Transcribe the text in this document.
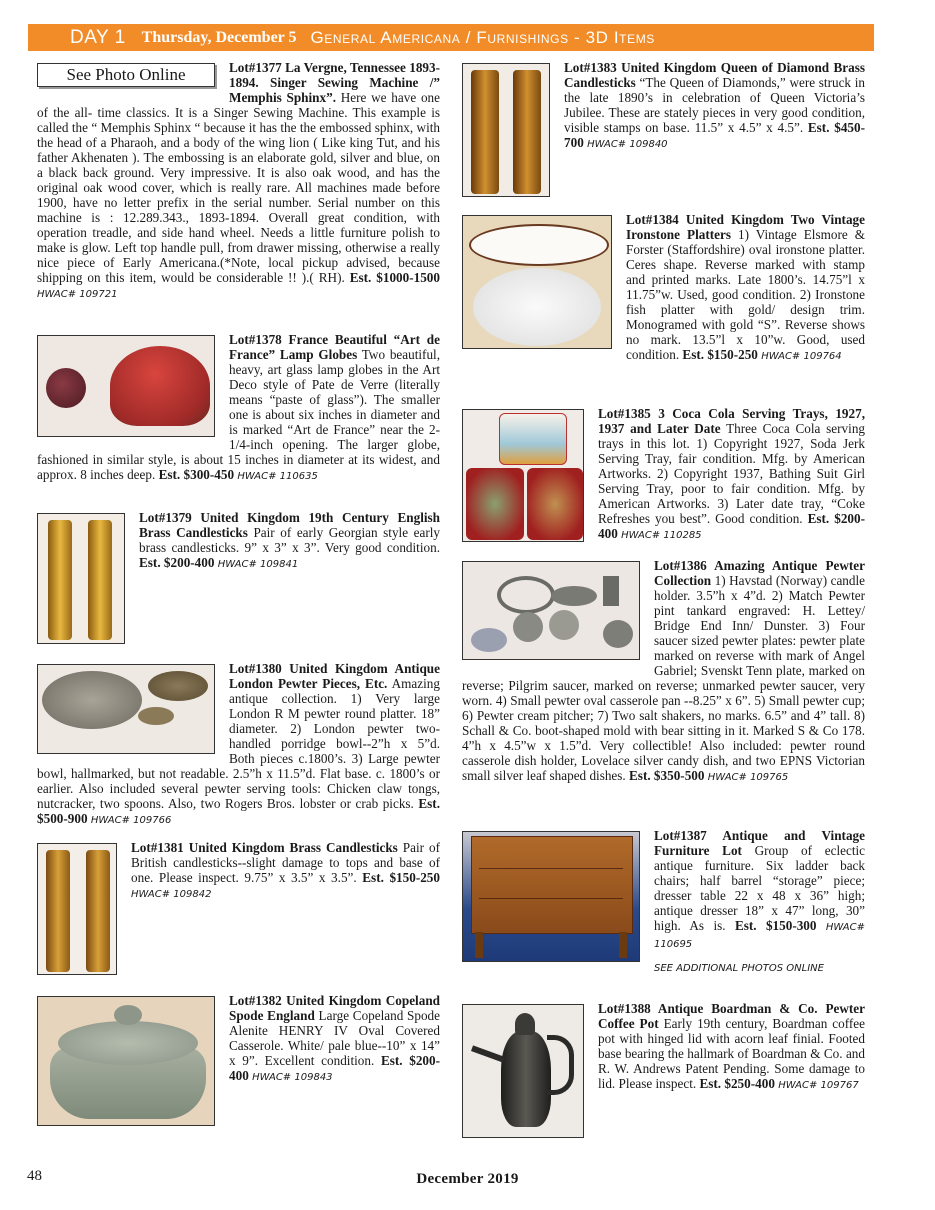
DAY 1 Thursday, December 5 General Americana / Furnishings - 3D Items
See Photo Online	Lot#1377 La Vergne, Tennessee 1893-1894. Singer Sewing Machine /” Memphis Sphinx”. Here we have one of the all- time classics. It is a Singer Sewing Machine. This example is called the “ Memphis Sphinx “ because it has the the embossed sphinx, with the head of a Pharaoh, and a body of the wing lion ( Like king Tut, and his father Akhenaten ). The embossing is an elaborate gold, silver and blue, on a black back ground. Very impressive. It is also oak wood, and has the original oak wood cover, which is really rare. All machines made before 1900, have no letter prefix in the serial number. Serial number on this machine is : 12.289.343., 1893-1894. Overall great condition, with operation treadle, and side hand wheel. Needs a little furniture polish to make is glow. Left top handle pull, from drawer missing, otherwise a really nice piece of Early Americana.(*Note, local pickup advised, because shipping on this item, would be considerable !! ).( RH). Est. $1000-1500 HWAC# 109721

Lot#1378 France Beautiful “Art de France” Lamp Globes Two beautiful, heavy, art glass lamp globes in the Art Deco style of Pate de Verre (literally means “paste of glass”). The smaller one is about six inches in diameter and is marked “Art de France” near the 2-1/4-inch opening. The larger globe, fashioned in similar style, is about 15 inches in diameter at its widest, and approx. 8 inches deep. Est. $300-450 HWAC# 110635

Lot#1379 United Kingdom 19th Century English Brass Candlesticks Pair of early Georgian style early brass candlesticks. 9” x 3” x 3”. Very good condition. Est. $200-400 HWAC# 109841

Lot#1380 United Kingdom Antique London Pewter Pieces, Etc. Amazing antique collection. 1) Very large London R M pewter round platter. 18” diameter. 2) London pewter two-handled porridge bowl--2”h x 5”d. Both pieces c.1800’s. 3) Large pewter bowl, hallmarked, but not readable. 2.5”h x 11.5”d. Flat base. c. 1800’s or earlier. Also included several pewter serving tools: Chicken claw tongs, nutcracker, two spoons. Also, two Rogers Bros. lobster or crab picks. Est. $500-900 HWAC# 109766

Lot#1381 United Kingdom Brass Candlesticks Pair of British candlesticks--slight damage to tops and base of one. Please inspect. 9.75” x 3.5” x 3.5”. Est. $150-250 HWAC# 109842

Lot#1382 United Kingdom Copeland Spode England Large Copeland Spode Alenite HENRY IV Oval Covered Casserole. White/ pale blue--10” x 14” x 9”. Excellent condition. Est. $200-400 HWAC# 109843

Lot#1383 United Kingdom Queen of Diamond Brass Candlesticks “The Queen of Diamonds,” were struck in the late 1890’s in celebration of Queen Victoria’s Jubilee. These are stately pieces in very good condition, visible stamps on base. 11.5” x 4.5” x 4.5”. Est. $450-700 HWAC# 109840

Lot#1384 United Kingdom Two Vintage Ironstone Platters 1) Vintage Elsmore & Forster (Staffordshire) oval ironstone platter. Ceres shape. Reverse marked with stamp and printed marks. Late 1800’s. 14.75”l x 11.75”w. Used, good condition. 2) Ironstone fish platter with gold/ design trim. Monogramed with gold “S”. Reverse shows no mark. 13.5”l x 10”w. Good, used condition. Est. $150-250 HWAC# 109764

Lot#1385 3 Coca Cola Serving Trays, 1927, 1937 and Later Date Three Coca Cola serving trays in this lot. 1) Copyright 1927, Soda Jerk Serving Tray, fair condition. Mfg. by American Artworks. 2) Copyright 1937, Bathing Suit Girl Serving Tray, poor to fair condition. Mfg. by American Artworks. 3) Later date tray, “Coke Refreshes you best”. Good condition. Est. $200-400 HWAC# 110285

Lot#1386 Amazing Antique Pewter Collection 1) Havstad (Norway) candle holder. 3.5”h x 4”d. 2) Match Pewter pint tankard engraved: H. Lettey/ Bridge End Inn/ Dunster. 3) Four saucer sized pewter plates: pewter plate marked on reverse with mark of Angel Gabriel; Svenskt Tenn plate, marked on reverse; Pilgrim saucer, marked on reverse; unmarked pewter saucer, very worn. 4) Small pewter oval casserole pan --8.25” x 6”. 5) Small pewter cup; 6) Pewter cream pitcher; 7) Two salt shakers, no marks. 6.5” and 4” tall. 8) Schall & Co. boot-shaped mold with bear sitting in it. Marked S & Co 178. 4”h x 4.5”w x 1.5”d. Very collectible! Also included: pewter round casserole dish holder, Lovelace silver candy dish, and two EPNS Victorian small silver leaf shaped dishes. Est. $350-500 HWAC# 109765

Lot#1387 Antique and Vintage Furniture Lot Group of eclectic antique furniture. Six ladder back chairs; half barrel “storage” piece; dresser table 22 x 48 x 36” high; antique dresser 18” x 47” long, 30” high. As is. Est. $150-300 HWAC# 110695

SEE ADDITIONAL PHOTOS ONLINE

Lot#1388 Antique Boardman & Co. Pewter Coffee Pot Early 19th century, Boardman coffee pot with hinged lid with acorn leaf finial. Footed base bearing the hallmark of Boardman & Co. and R. W. Andrews Patent Pending. Some damage to lid. Please inspect. Est. $250-400 HWAC# 109767

48	December 2019
